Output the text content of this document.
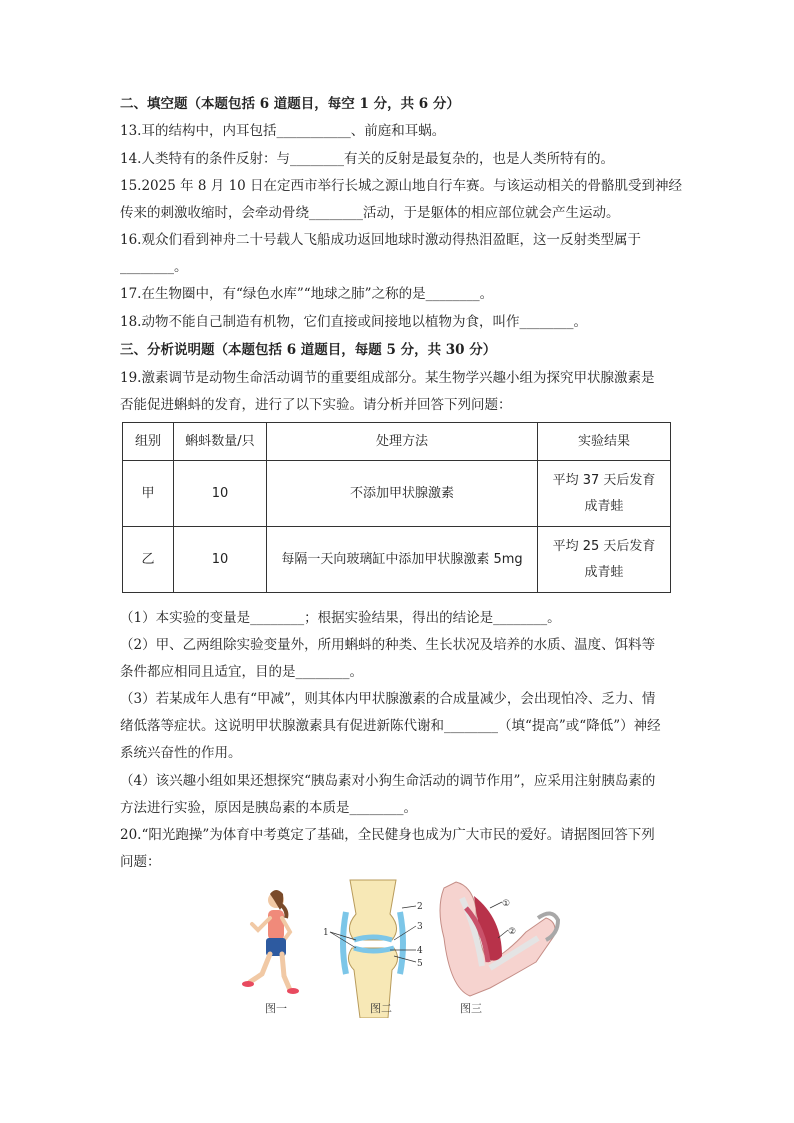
二、填空题（本题包括 6 道题目，每空 1 分，共 6 分）
13.耳的结构中，内耳包括___________、前庭和耳蜗。
14.人类特有的条件反射：与________有关的反射是最复杂的，也是人类所特有的。
15.2025 年 8 月 10 日在定西市举行长城之源山地自行车赛。与该运动相关的骨骼肌受到神经
传来的刺激收缩时，会牵动骨绕________活动，于是躯体的相应部位就会产生运动。
16.观众们看到神舟二十号载人飞船成功返回地球时激动得热泪盈眶，这一反射类型属于
________。
17.在生物圈中，有“绿色水库”“地球之肺”之称的是________。
18.动物不能自己制造有机物，它们直接或间接地以植物为食，叫作________。
三、分析说明题（本题包括 6 道题目，每题 5 分，共 30 分）
19.激素调节是动物生命活动调节的重要组成部分。某生物学兴趣小组为探究甲状腺激素是
否能促进蝌蚪的发育，进行了以下实验。请分析并回答下列问题：
组别	蝌蚪数量/只	处理方法	实验结果
甲	10	不添加甲状腺激素	平均 37 天后发育
成青蛙

乙	10	每隔一天向玻璃缸中添加甲状腺激素 5mg	平均 25 天后发育
成青蛙
（1）本实验的变量是________；根据实验结果，得出的结论是________。
（2）甲、乙两组除实验变量外，所用蝌蚪的种类、生长状况及培养的水质、温度、饵料等
条件都应相同且适宜，目的是________。
（3）若某成年人患有“甲减”，则其体内甲状腺激素的合成量减少，会出现怕冷、乏力、情
绪低落等症状。这说明甲状腺激素具有促进新陈代谢和________（填“提高”或“降低”）神经
系统兴奋性的作用。
（4）该兴趣小组如果还想探究“胰岛素对小狗生命活动的调节作用”，应采用注射胰岛素的
方法进行实验，原因是胰岛素的本质是________。
20.“阳光跑操”为体育中考奠定了基础，全民健身也成为广大市民的爱好。请据图回答下列
问题：
1
2
3
4
5
①
②
图一	图二	图三
